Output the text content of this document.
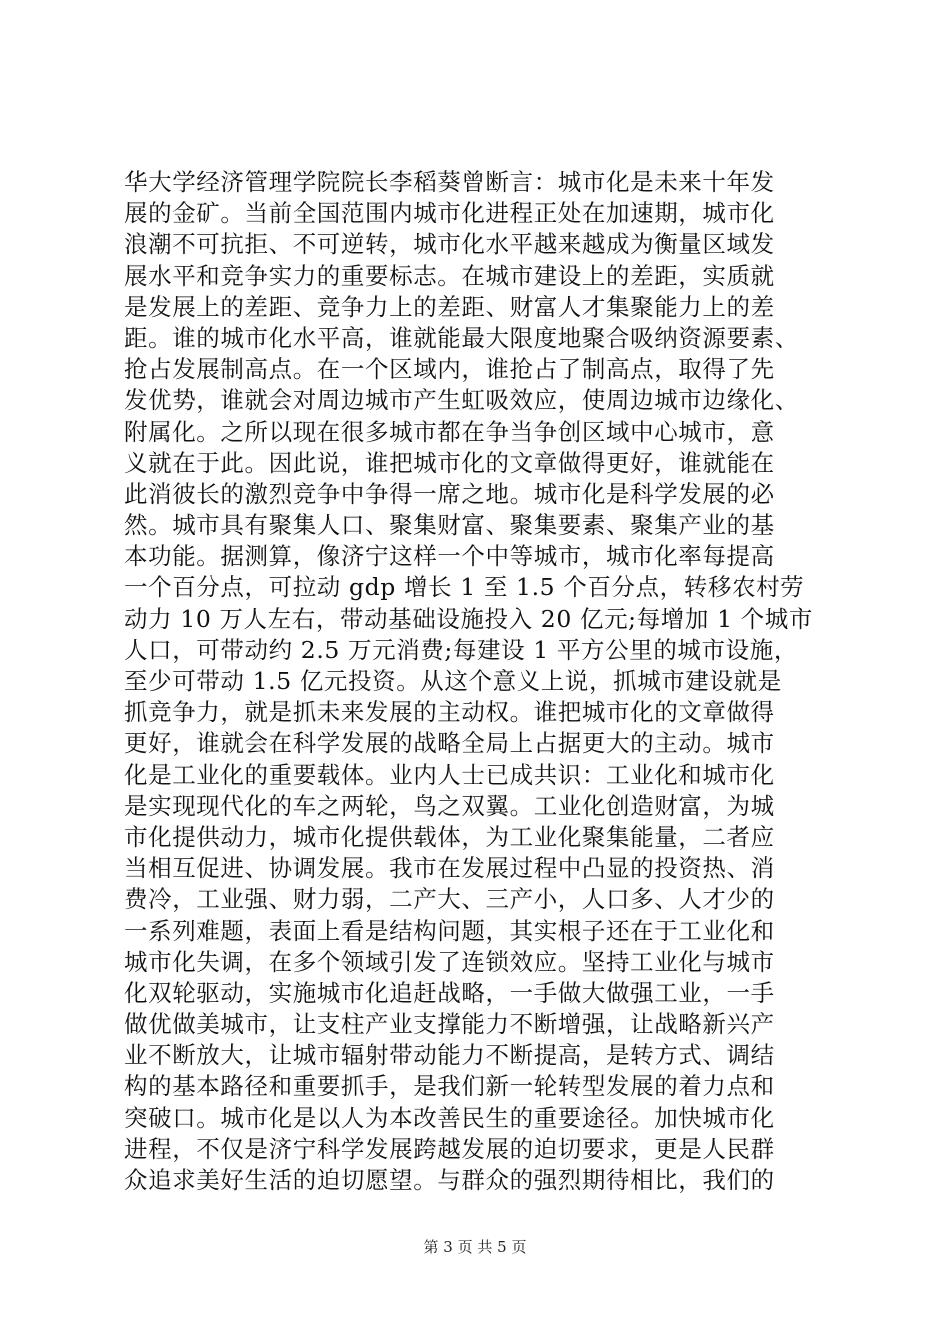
华大学经济管理学院院长李稻葵曾断言：城市化是未来十年发
展的金矿。当前全国范围内城市化进程正处在加速期，城市化
浪潮不可抗拒、不可逆转，城市化水平越来越成为衡量区域发
展水平和竞争实力的重要标志。在城市建设上的差距，实质就
是发展上的差距、竞争力上的差距、财富人才集聚能力上的差
距。谁的城市化水平高，谁就能最大限度地聚合吸纳资源要素、
抢占发展制高点。在一个区域内，谁抢占了制高点，取得了先
发优势，谁就会对周边城市产生虹吸效应，使周边城市边缘化、
附属化。之所以现在很多城市都在争当争创区域中心城市，意
义就在于此。因此说，谁把城市化的文章做得更好，谁就能在
此消彼长的激烈竞争中争得一席之地。城市化是科学发展的必
然。城市具有聚集人口、聚集财富、聚集要素、聚集产业的基
本功能。据测算，像济宁这样一个中等城市，城市化率每提高
一个百分点，可拉动 gdp 增长 1 至 1.5 个百分点，转移农村劳
动力 10 万人左右，带动基础设施投入 20 亿元;每增加 1 个城市
人口，可带动约 2.5 万元消费;每建设 1 平方公里的城市设施，
至少可带动 1.5 亿元投资。从这个意义上说，抓城市建设就是
抓竞争力，就是抓未来发展的主动权。谁把城市化的文章做得
更好，谁就会在科学发展的战略全局上占据更大的主动。城市
化是工业化的重要载体。业内人士已成共识：工业化和城市化
是实现现代化的车之两轮，鸟之双翼。工业化创造财富，为城
市化提供动力，城市化提供载体，为工业化聚集能量，二者应
当相互促进、协调发展。我市在发展过程中凸显的投资热、消
费冷，工业强、财力弱，二产大、三产小，人口多、人才少的
一系列难题，表面上看是结构问题，其实根子还在于工业化和
城市化失调，在多个领域引发了连锁效应。坚持工业化与城市
化双轮驱动，实施城市化追赶战略，一手做大做强工业，一手
做优做美城市，让支柱产业支撑能力不断增强，让战略新兴产
业不断放大，让城市辐射带动能力不断提高，是转方式、调结
构的基本路径和重要抓手，是我们新一轮转型发展的着力点和
突破口。城市化是以人为本改善民生的重要途径。加快城市化
进程，不仅是济宁科学发展跨越发展的迫切要求，更是人民群
众追求美好生活的迫切愿望。与群众的强烈期待相比，我们的
第 3 页 共 5 页
